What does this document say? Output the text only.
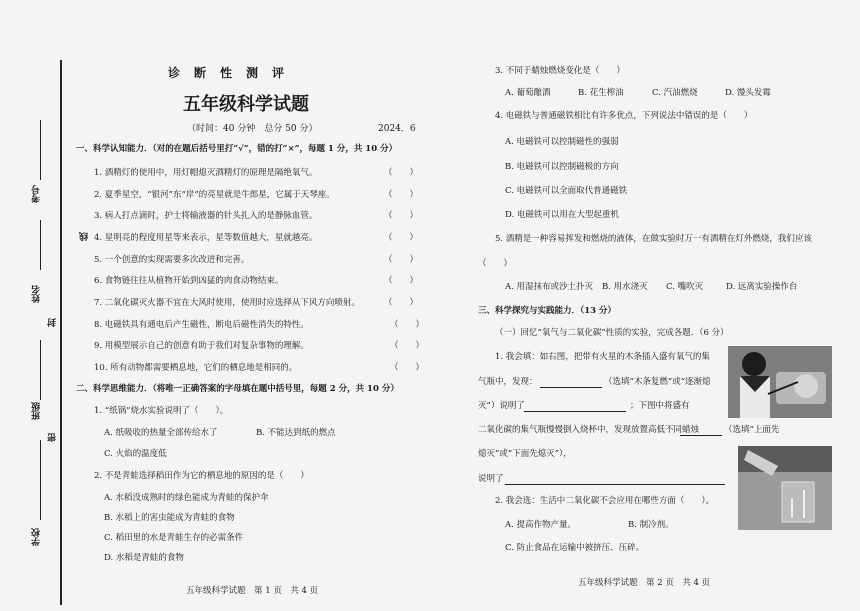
考号
线
姓名
封
班级
密
学校
诊　断　性　测　评
五年级科学试题
（时间：40 分钟　总分 50 分）	2024．6
一、科学认知能力．（对的在题后括号里打“√”，错的打“×”，每题 1 分，共 10 分）
1. 酒精灯的使用中，用灯帽熄灭酒精灯的原理是隔绝氧气。	（　　）
2. 夏季星空，“银河”东“岸”的亮星就是牛郎星，它属于天琴座。	（　　）
3. 病人打点滴时，护士将输液器的针头扎入的是静脉血管。	（　　）
4. 星明亮的程度用星等来表示，星等数值越大，星就越亮。	（　　）
5. 一个创意的实现需要多次改进和完善。	（　　）
6. 食物链往往从植物开始到凶猛的肉食动物结束。	（　　）
7. 二氧化碳灭火器不宜在大风时使用，使用时应选择从下风方向喷射。	（　　）
8. 电磁铁具有通电后产生磁性，断电后磁性消失的特性。	（　　）
9. 用模型展示自己的创意有助于我们对复杂事物的理解。	（　　）
10. 所有动物都需要栖息地，它们的栖息地是相同的。	（　　）
二、科学思维能力．（将唯一正确答案的字母填在题中括号里，每题 2 分，共 10 分）
1. “纸锅”烧水实验说明了（　　）。
A. 纸吸收的热量全部传给水了	B. 不能达到纸的燃点
C. 火焰的温度低
2. 不是青蛙选择稻田作为它的栖息地的原因的是（　　）
A. 水稻没成熟时的绿色能成为青蛙的保护伞
B. 水稻上的害虫能成为青蛙的食物
C. 稻田里的水是青蛙生存的必需条件
D. 水稻是青蛙的食物
五年级科学试题　第 1 页　共 4 页
3. 不同于蜡烛燃烧变化是（　　）
A. 葡萄酿酒	B. 花生榨油	C. 汽油燃烧	D. 馒头发霉
4. 电磁铁与普通磁铁相比有许多优点，下列说法中错误的是（　　）
A. 电磁铁可以控制磁性的强弱
B. 电磁铁可以控制磁极的方向
C. 电磁铁可以全面取代普通磁铁
D. 电磁铁可以用在大型起重机
5. 酒精是一种容易挥发和燃烧的液体，在做实验时万一有酒精在灯外燃烧，我们应该
（　　）
A. 用湿抹布或沙土扑灭 B. 用水浇灭 C. 嘴吹灭	D. 远离实验操作台
三、科学探究与实践能力．（13 分）
（一）回忆“氧气与二氧化碳”性质的实验，完成各题．（6 分）
1. 我会填：如右图，把带有火星的木条插入盛有氧气的集
气瓶中，发现：	（选填“木条复燃”或“逐渐熄
灭”）说明了	；下图中将盛有
二氧化碳的集气瓶慢慢倒入烧杯中，发现放置高低不同蜡烛	（选填“上面先
熄灭”或“下面先熄灭”），
说明了
2. 我会选：生活中二氧化碳不会应用在哪些方面（　　）。
A. 提高作物产量。	B. 制冷剂。
C. 防止食品在运输中被挤压、压碎。
五年级科学试题　第 2 页　共 4 页
